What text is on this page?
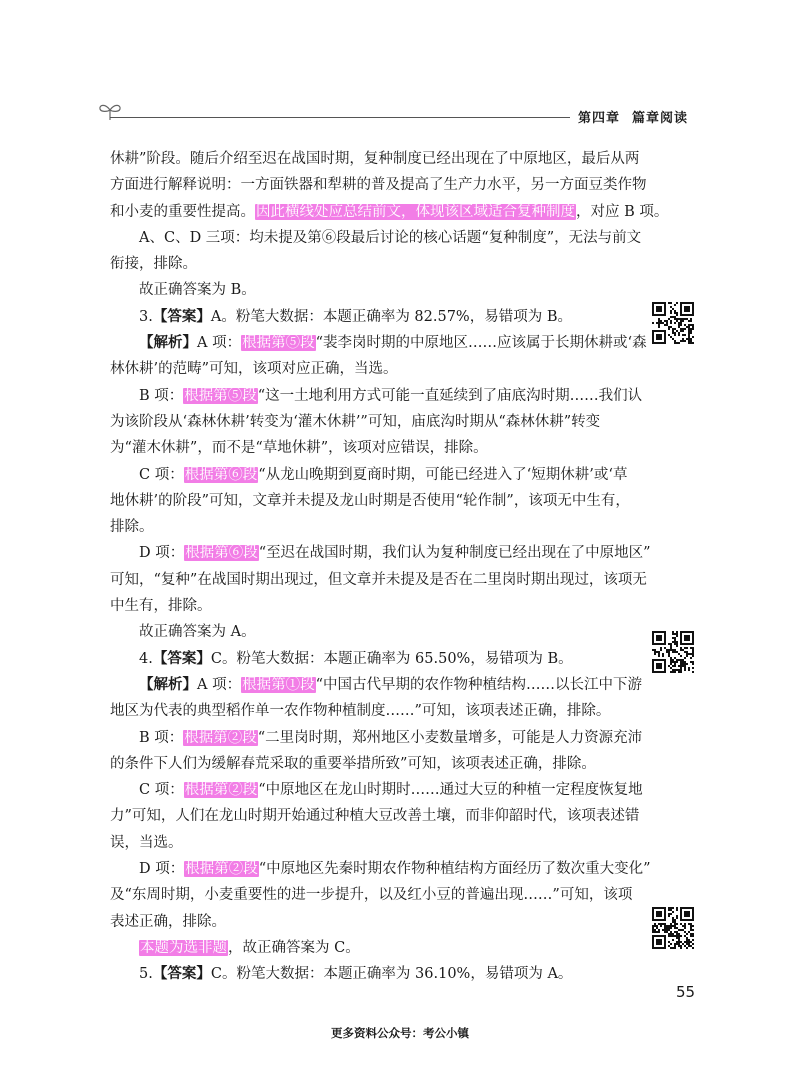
第四章 篇章阅读

休耕”阶段。随后介绍至迟在战国时期，复种制度已经出现在了中原地区，最后从两

方面进行解释说明：一方面铁器和犁耕的普及提高了生产力水平，另一方面豆类作物

和小麦的重要性提高。因此横线处应总结前文，体现该区域适合复种制度，对应 B 项。

A、C、D 三项：均未提及第⑥段最后讨论的核心话题“复种制度”，无法与前文

衔接，排除。

故正确答案为 B。

3.【答案】A。粉笔大数据：本题正确率为 82.57%，易错项为 B。

【解析】A 项：根据第⑤段“裴李岗时期的中原地区……应该属于长期休耕或‘森

林休耕’的范畴”可知，该项对应正确，当选。

B 项：根据第⑤段“这一土地利用方式可能一直延续到了庙底沟时期……我们认

为该阶段从‘森林休耕’转变为‘灌木休耕’”可知，庙底沟时期从“森林休耕”转变

为“灌木休耕”，而不是“草地休耕”，该项对应错误，排除。

C 项：根据第⑥段“从龙山晚期到夏商时期，可能已经进入了‘短期休耕’或‘草

地休耕’的阶段”可知，文章并未提及龙山时期是否使用“轮作制”，该项无中生有，

排除。

D 项：根据第⑥段“至迟在战国时期，我们认为复种制度已经出现在了中原地区”

可知，“复种”在战国时期出现过，但文章并未提及是否在二里岗时期出现过，该项无

中生有，排除。

故正确答案为 A。

4.【答案】C。粉笔大数据：本题正确率为 65.50%，易错项为 B。

【解析】A 项：根据第①段“中国古代早期的农作物种植结构……以长江中下游

地区为代表的典型稻作单一农作物种植制度……”可知，该项表述正确，排除。

B 项：根据第②段“二里岗时期，郑州地区小麦数量增多，可能是人力资源充沛

的条件下人们为缓解春荒采取的重要举措所致”可知，该项表述正确，排除。

C 项：根据第②段“中原地区在龙山时期时……通过大豆的种植一定程度恢复地

力”可知，人们在龙山时期开始通过种植大豆改善土壤，而非仰韶时代，该项表述错

误，当选。

D 项：根据第②段“中原地区先秦时期农作物种植结构方面经历了数次重大变化”

及“东周时期，小麦重要性的进一步提升，以及红小豆的普遍出现……”可知，该项

表述正确，排除。

本题为选非题，故正确答案为 C。

5.【答案】C。粉笔大数据：本题正确率为 36.10%，易错项为 A。

55
更多资料公众号：考公小镇
